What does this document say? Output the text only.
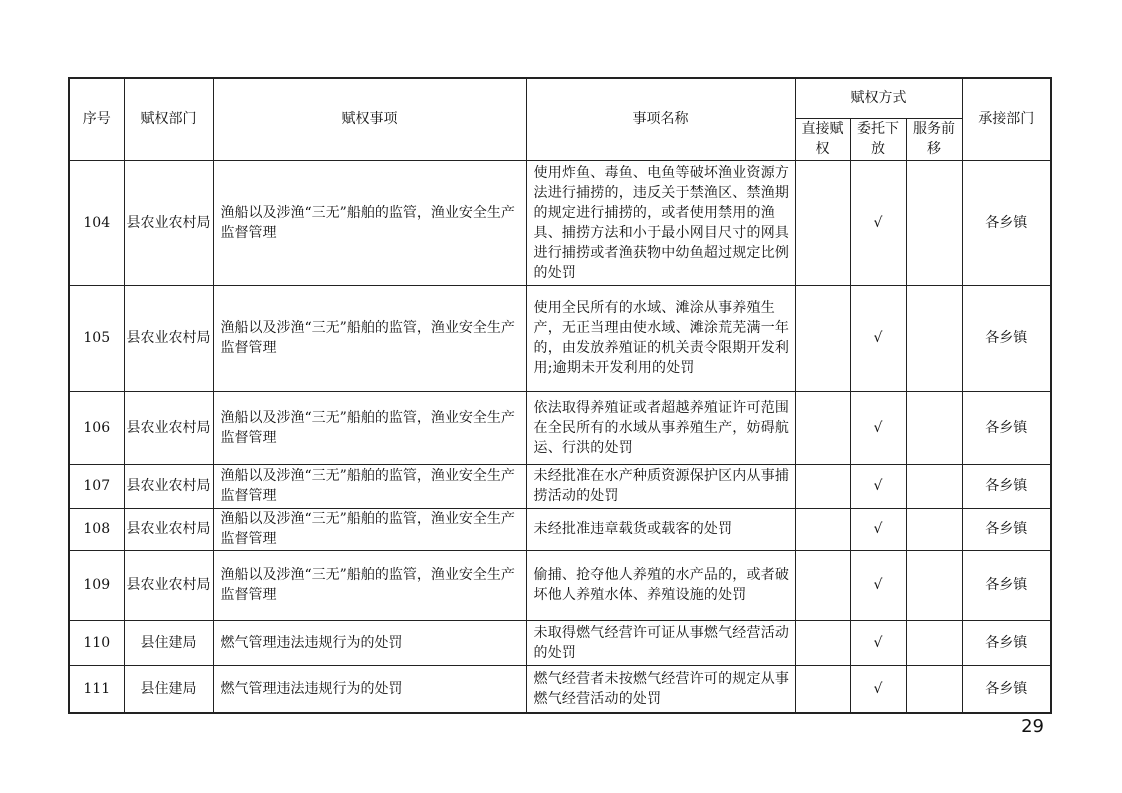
序号	赋权部门	赋权事项	事项名称	赋权方式			承接部门
				直接赋权	委托下放	服务前移	
104	县农业农村局	渔船以及涉渔“三无”船舶的监管，渔业安全生产监督管理	使用炸鱼、毒鱼、电鱼等破坏渔业资源方法进行捕捞的，违反关于禁渔区、禁渔期的规定进行捕捞的，或者使用禁用的渔具、捕捞方法和小于最小网目尺寸的网具进行捕捞或者渔获物中幼鱼超过规定比例的处罚		√		各乡镇
105	县农业农村局	渔船以及涉渔“三无”船舶的监管，渔业安全生产监督管理	使用全民所有的水域、滩涂从事养殖生产，无正当理由使水域、滩涂荒芜满一年的，由发放养殖证的机关责令限期开发利用;逾期未开发利用的处罚		√		各乡镇
106	县农业农村局	渔船以及涉渔“三无”船舶的监管，渔业安全生产监督管理	依法取得养殖证或者超越养殖证许可范围在全民所有的水域从事养殖生产，妨碍航运、行洪的处罚		√		各乡镇
107	县农业农村局	渔船以及涉渔“三无”船舶的监管，渔业安全生产监督管理	未经批准在水产种质资源保护区内从事捕捞活动的处罚		√		各乡镇
108	县农业农村局	渔船以及涉渔“三无”船舶的监管，渔业安全生产监督管理	未经批准违章载货或载客的处罚		√		各乡镇
109	县农业农村局	渔船以及涉渔“三无”船舶的监管，渔业安全生产监督管理	偷捕、抢夺他人养殖的水产品的，或者破坏他人养殖水体、养殖设施的处罚		√		各乡镇
110	县住建局	燃气管理违法违规行为的处罚	未取得燃气经营许可证从事燃气经营活动的处罚		√		各乡镇
111	县住建局	燃气管理违法违规行为的处罚	燃气经营者未按燃气经营许可的规定从事燃气经营活动的处罚		√		各乡镇
29
